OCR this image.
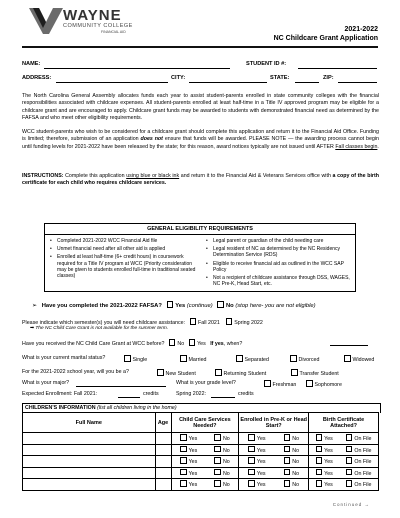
WAYNE
COMMUNITY COLLEGE
FINANCIAL AID	2021-2022
NC Childcare Grant Application
NAME:	STUDENT ID #:
ADDRESS:	CITY:	STATE:	ZIP:
The North Carolina General Assembly allocates funds each year to assist student-parents enrolled in state community colleges with the financial responsibilities associated with childcare expenses. All student-parents enrolled at least half-time in a Title IV approved program may be eligible for a childcare grant and are encouraged to apply. Childcare grant funds may be awarded to students with demonstrated financial need as determined by the FAFSA and who meet other eligibility requirements.
WCC student-parents who wish to be considered for a childcare grant should complete this application and return it to the Financial Aid Office. Funding is limited; therefore, submission of an application does not ensure that funds will be awarded. PLEASE NOTE — the awarding process cannot begin until funding levels for 2021-2022 have been released by the state; for this reason, award notices typically are not issued until AFTER Fall classes begin.
INSTRUCTIONS: Complete this application using blue or black ink and return it to the Financial Aid & Veterans Services office with a copy of the birth certificate for each child who requires childcare services.
GENERAL ELIGIBILITY REQUIREMENTS
• Completed 2021-2022 WCC Financial Aid file
• Unmet financial need after all other aid is applied
• Enrolled at least half-time (6+ credit hours) in coursework required for a Title IV program at WCC (Priority consideration may be given to students enrolled full-time in traditional seated classes)
• Legal parent or guardian of the child needing care
• Legal resident of NC as determined by the NC Residency Determination Service (RDS)
• Eligible to receive financial aid as outlined in the WCC SAP Policy
• Not a recipient of childcare assistance through DSS, WAGES, NC Pre-K, Head Start, etc.
➢ Have you completed the 2021-2022 FAFSA? Yes (continue) No (stop here- you are not eligible)
Please indicate which semester(s) you will need childcare assistance: Fall 2021	Spring 2022
➡ The NC Child Care Grant is not available for the summer term.
Have you received the NC Child Care Grant at WCC before? No Yes If yes, when?
What is your current marital status?	Single	Married	Separated	Divorced	Widowed
For the 2021-2022 school year, will you be a?	New Student	Returning Student	Transfer Student
What is your major?	What is your grade level?	Freshman	Sophomore
Expected Enrollment: Fall 2021:	credits	Spring 2022:	credits
CHILDREN'S INFORMATION (list all children living in the home)
Full Name	Age	Child Care Services Needed?	Enrolled in Pre-K or Head Start?	Birth Certificate Attached?

		Yes No	Yes No	Yes On File

		Yes No	Yes No	Yes On File

		Yes No	Yes No	Yes On File

		Yes No	Yes No	Yes On File

		Yes No	Yes No	Yes On File
Continued →
